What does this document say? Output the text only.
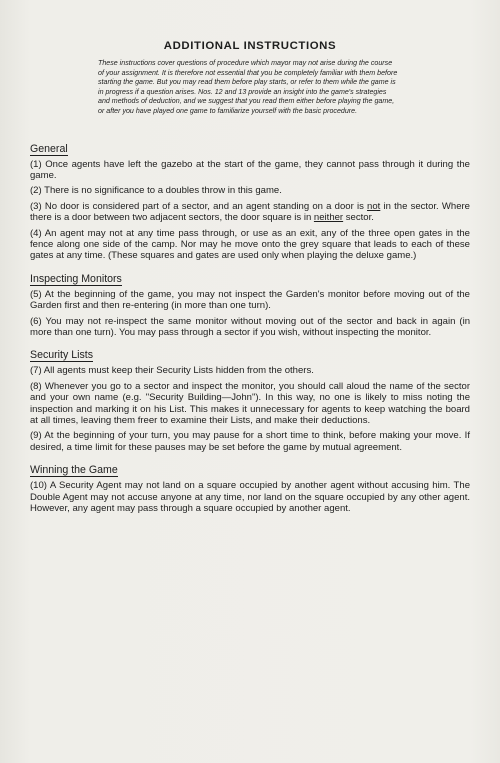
ADDITIONAL INSTRUCTIONS

These instructions cover questions of procedure which mayor may not arise during the course of your assignment. It is therefore not essential that you be completely familiar with them before starting the game. But you may read them before play starts, or refer to them while the game is in progress if a question arises. Nos. 12 and 13 provide an insight into the game's strategies and methods of deduction, and we suggest that you read them either before playing the game, or after you have played one game to familiarize yourself with the basic procedure.

General

(1) Once agents have left the gazebo at the start of the game, they cannot pass through it during the game.

(2) There is no significance to a doubles throw in this game.

(3) No door is considered part of a sector, and an agent standing on a door is not in the sector. Where there is a door between two adjacent sectors, the door square is in neither sector.

(4) An agent may not at any time pass through, or use as an exit, any of the three open gates in the fence along one side of the camp. Nor may he move onto the grey square that leads to each of these gates at any time. (These squares and gates are used only when playing the deluxe game.)

Inspecting Monitors

(5) At the beginning of the game, you may not inspect the Garden's monitor before moving out of the Garden first and then re-entering (in more than one turn).

(6) You may not re-inspect the same monitor without moving out of the sector and back in again (in more than one turn). You may pass through a sector if you wish, without inspecting the monitor.

Security Lists

(7) All agents must keep their Security Lists hidden from the others.

(8) Whenever you go to a sector and inspect the monitor, you should call aloud the name of the sector and your own name (e.g. "Security Building—John"). In this way, no one is likely to miss noting the inspection and marking it on his List. This makes it unnecessary for agents to keep watching the board at all times, leaving them freer to examine their Lists, and make their deductions.

(9) At the beginning of your turn, you may pause for a short time to think, before making your move. If desired, a time limit for these pauses may be set before the game by mutual agreement.

Winning the Game

(10) A Security Agent may not land on a square occupied by another agent without accusing him. The Double Agent may not accuse anyone at any time, nor land on the square occupied by any other agent. However, any agent may pass through a square occupied by another agent.
